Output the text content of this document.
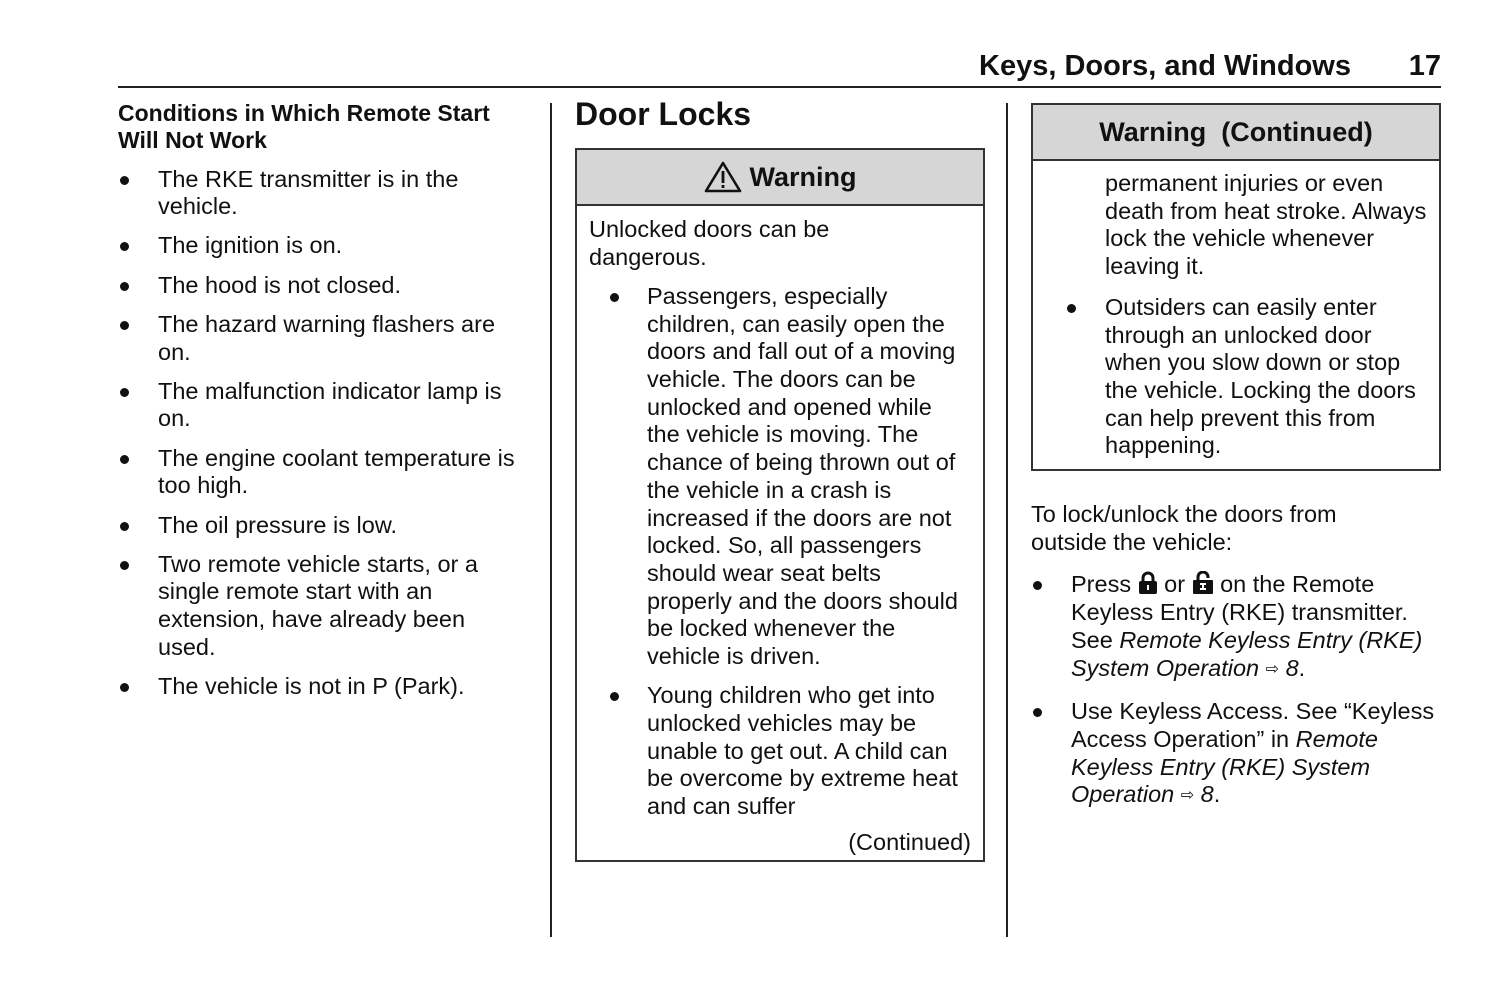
Keys, Doors, and Windows 17
Conditions in Which Remote Start Will Not Work
The RKE transmitter is in the vehicle.
The ignition is on.
The hood is not closed.
The hazard warning flashers are on.
The malfunction indicator lamp is on.
The engine coolant temperature is too high.
The oil pressure is low.
Two remote vehicle starts, or a single remote start with an extension, have already been used.
The vehicle is not in P (Park).
Door Locks
Warning
Unlocked doors can be dangerous.
Passengers, especially children, can easily open the doors and fall out of a moving vehicle. The doors can be unlocked and opened while the vehicle is moving. The chance of being thrown out of the vehicle in a crash is increased if the doors are not locked. So, all passengers should wear seat belts properly and the doors should be locked whenever the vehicle is driven.
Young children who get into unlocked vehicles may be unable to get out. A child can be overcome by extreme heat and can suffer
(Continued)
Warning  (Continued)
permanent injuries or even death from heat stroke. Always lock the vehicle whenever leaving it.
Outsiders can easily enter through an unlocked door when you slow down or stop the vehicle. Locking the doors can help prevent this from happening.
To lock/unlock the doors from outside the vehicle:
Press or on the Remote Keyless Entry (RKE) transmitter. See Remote Keyless Entry (RKE) System Operation ⇨ 8.
Use Keyless Access. See “Keyless Access Operation” in Remote Keyless Entry (RKE) System Operation ⇨ 8.
